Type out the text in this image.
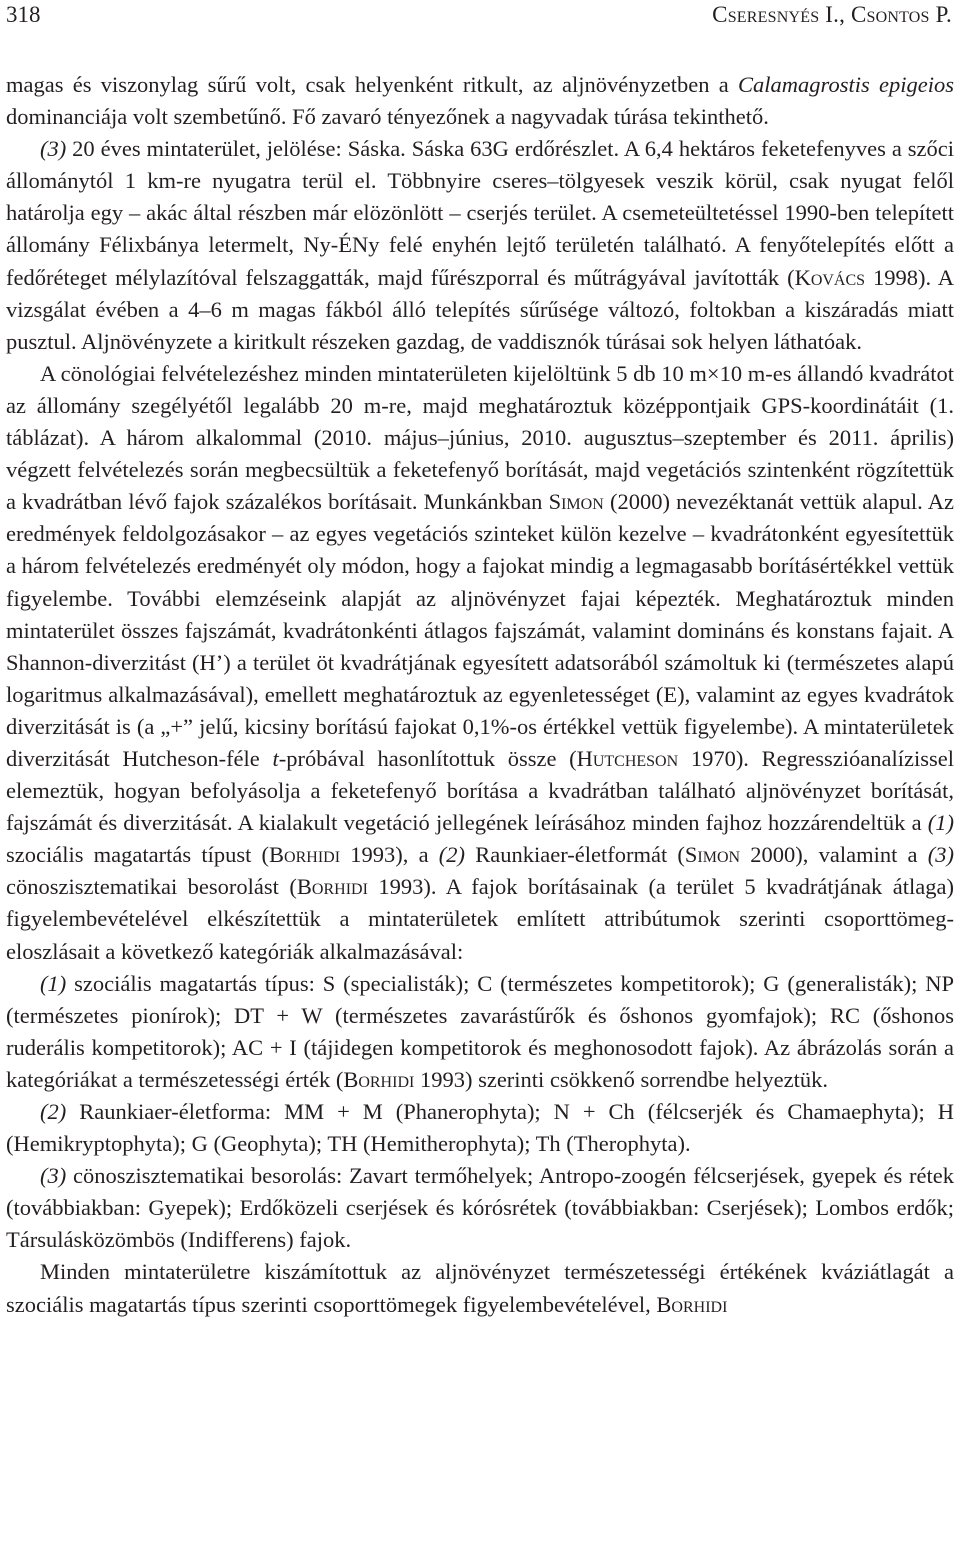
318	Cseresnyés I., Csontos P.

magas és viszonylag sűrű volt, csak helyenként ritkult, az aljnövényzetben a Calamagrostis epigeios dominanciája volt szembetűnő. Fő zavaró tényezőnek a nagyvadak túrása tekinthető.

(3) 20 éves mintaterület, jelölése: Sáska. Sáska 63G erdőrészlet. A 6,4 hektáros feketefenyves a szőci állománytól 1 km-re nyugatra terül el. Többnyire cseres–tölgyesek veszik körül, csak nyugat felől határolja egy – akác által részben már elözönlött – cserjés terület. A csemeteültetéssel 1990-ben telepített állomány Félixbánya letermelt, Ny-ÉNy felé enyhén lejtő területén található. A fenyőtelepítés előtt a fedőréteget mélylazítóval felszaggatták, majd fűrészporral és műtrágyával javították (Kovács 1998). A vizsgálat évében a 4–6 m magas fákból álló telepítés sűrűsége változó, foltokban a kiszáradás miatt pusztul. Aljnövényzete a kiritkult részeken gazdag, de vaddisznók túrásai sok helyen láthatóak.

A cönológiai felvételezéshez minden mintaterületen kijelöltünk 5 db 10 m×10 m-es állandó kvadrátot az állomány szegélyétől legalább 20 m-re, majd meghatároztuk középpontjaik GPS-koordinátáit (1. táblázat). A három alkalommal (2010. május–június, 2010. augusztus–szeptember és 2011. április) végzett felvételezés során megbecsültük a feketefenyő borítását, majd vegetációs szintenként rögzítettük a kvadrátban lévő fajok százalékos borításait. Munkánkban Simon (2000) nevezéktanát vettük alapul. Az eredmények feldolgozásakor – az egyes vegetációs szinteket külön kezelve – kvadrátonként egyesítettük a három felvételezés eredményét oly módon, hogy a fajokat mindig a legmagasabb borításértékkel vettük figyelembe. További elemzéseink alapját az aljnövényzet fajai képezték. Meghatároztuk minden mintaterület összes fajszámát, kvadrátonkénti átlagos fajszámát, valamint domináns és konstans fajait. A Shannon-diverzitást (H’) a terület öt kvadrátjának egyesített adatsorából számoltuk ki (természetes alapú logaritmus alkalmazásával), emellett meghatároztuk az egyenletességet (E), valamint az egyes kvadrátok diverzitását is (a „+” jelű, kicsiny borítású fajokat 0,1%-os értékkel vettük figyelembe). A mintaterületek diverzitását Hutcheson-féle t-próbával hasonlítottuk össze (Hutcheson 1970). Regresszióanalízissel elemeztük, hogyan befolyásolja a feketefenyő borítása a kvadrátban található aljnövényzet borítását, fajszámát és diverzitását. A kialakult vegetáció jellegének leírásához minden fajhoz hozzárendeltük a (1) szociális magatartás típust (Borhidi 1993), a (2) Raunkiaer-életformát (Simon 2000), valamint a (3) cönoszisztematikai besorolást (Borhidi 1993). A fajok borításainak (a terület 5 kvadrátjának átlaga) figyelembevételével elkészítettük a mintaterületek említett attribútumok szerinti csoporttömeg-eloszlásait a következő kategóriák alkalmazásával:

(1) szociális magatartás típus: S (specialisták); C (természetes kompetitorok); G (generalisták); NP (természetes pionírok); DT + W (természetes zavarástűrők és őshonos gyomfajok); RC (őshonos ruderális kompetitorok); AC + I (tájidegen kompetitorok és meghonosodott fajok). Az ábrázolás során a kategóriákat a természetességi érték (Borhidi 1993) szerinti csökkenő sorrendbe helyeztük.

(2) Raunkiaer-életforma: MM + M (Phanerophyta); N + Ch (félcserjék és Chamaephyta); H (Hemikryptophyta); G (Geophyta); TH (Hemitherophyta); Th (Therophyta).

(3) cönoszisztematikai besorolás: Zavart termőhelyek; Antropo-zoogén félcserjések, gyepek és rétek (továbbiakban: Gyepek); Erdőközeli cserjések és kórósrétek (továbbiakban: Cserjések); Lombos erdők; Társulásközömbös (Indifferens) fajok.

Minden mintaterületre kiszámítottuk az aljnövényzet természetességi értékének kváziátlagát a szociális magatartás típus szerinti csoporttömegek figyelembevételével, Borhidi
